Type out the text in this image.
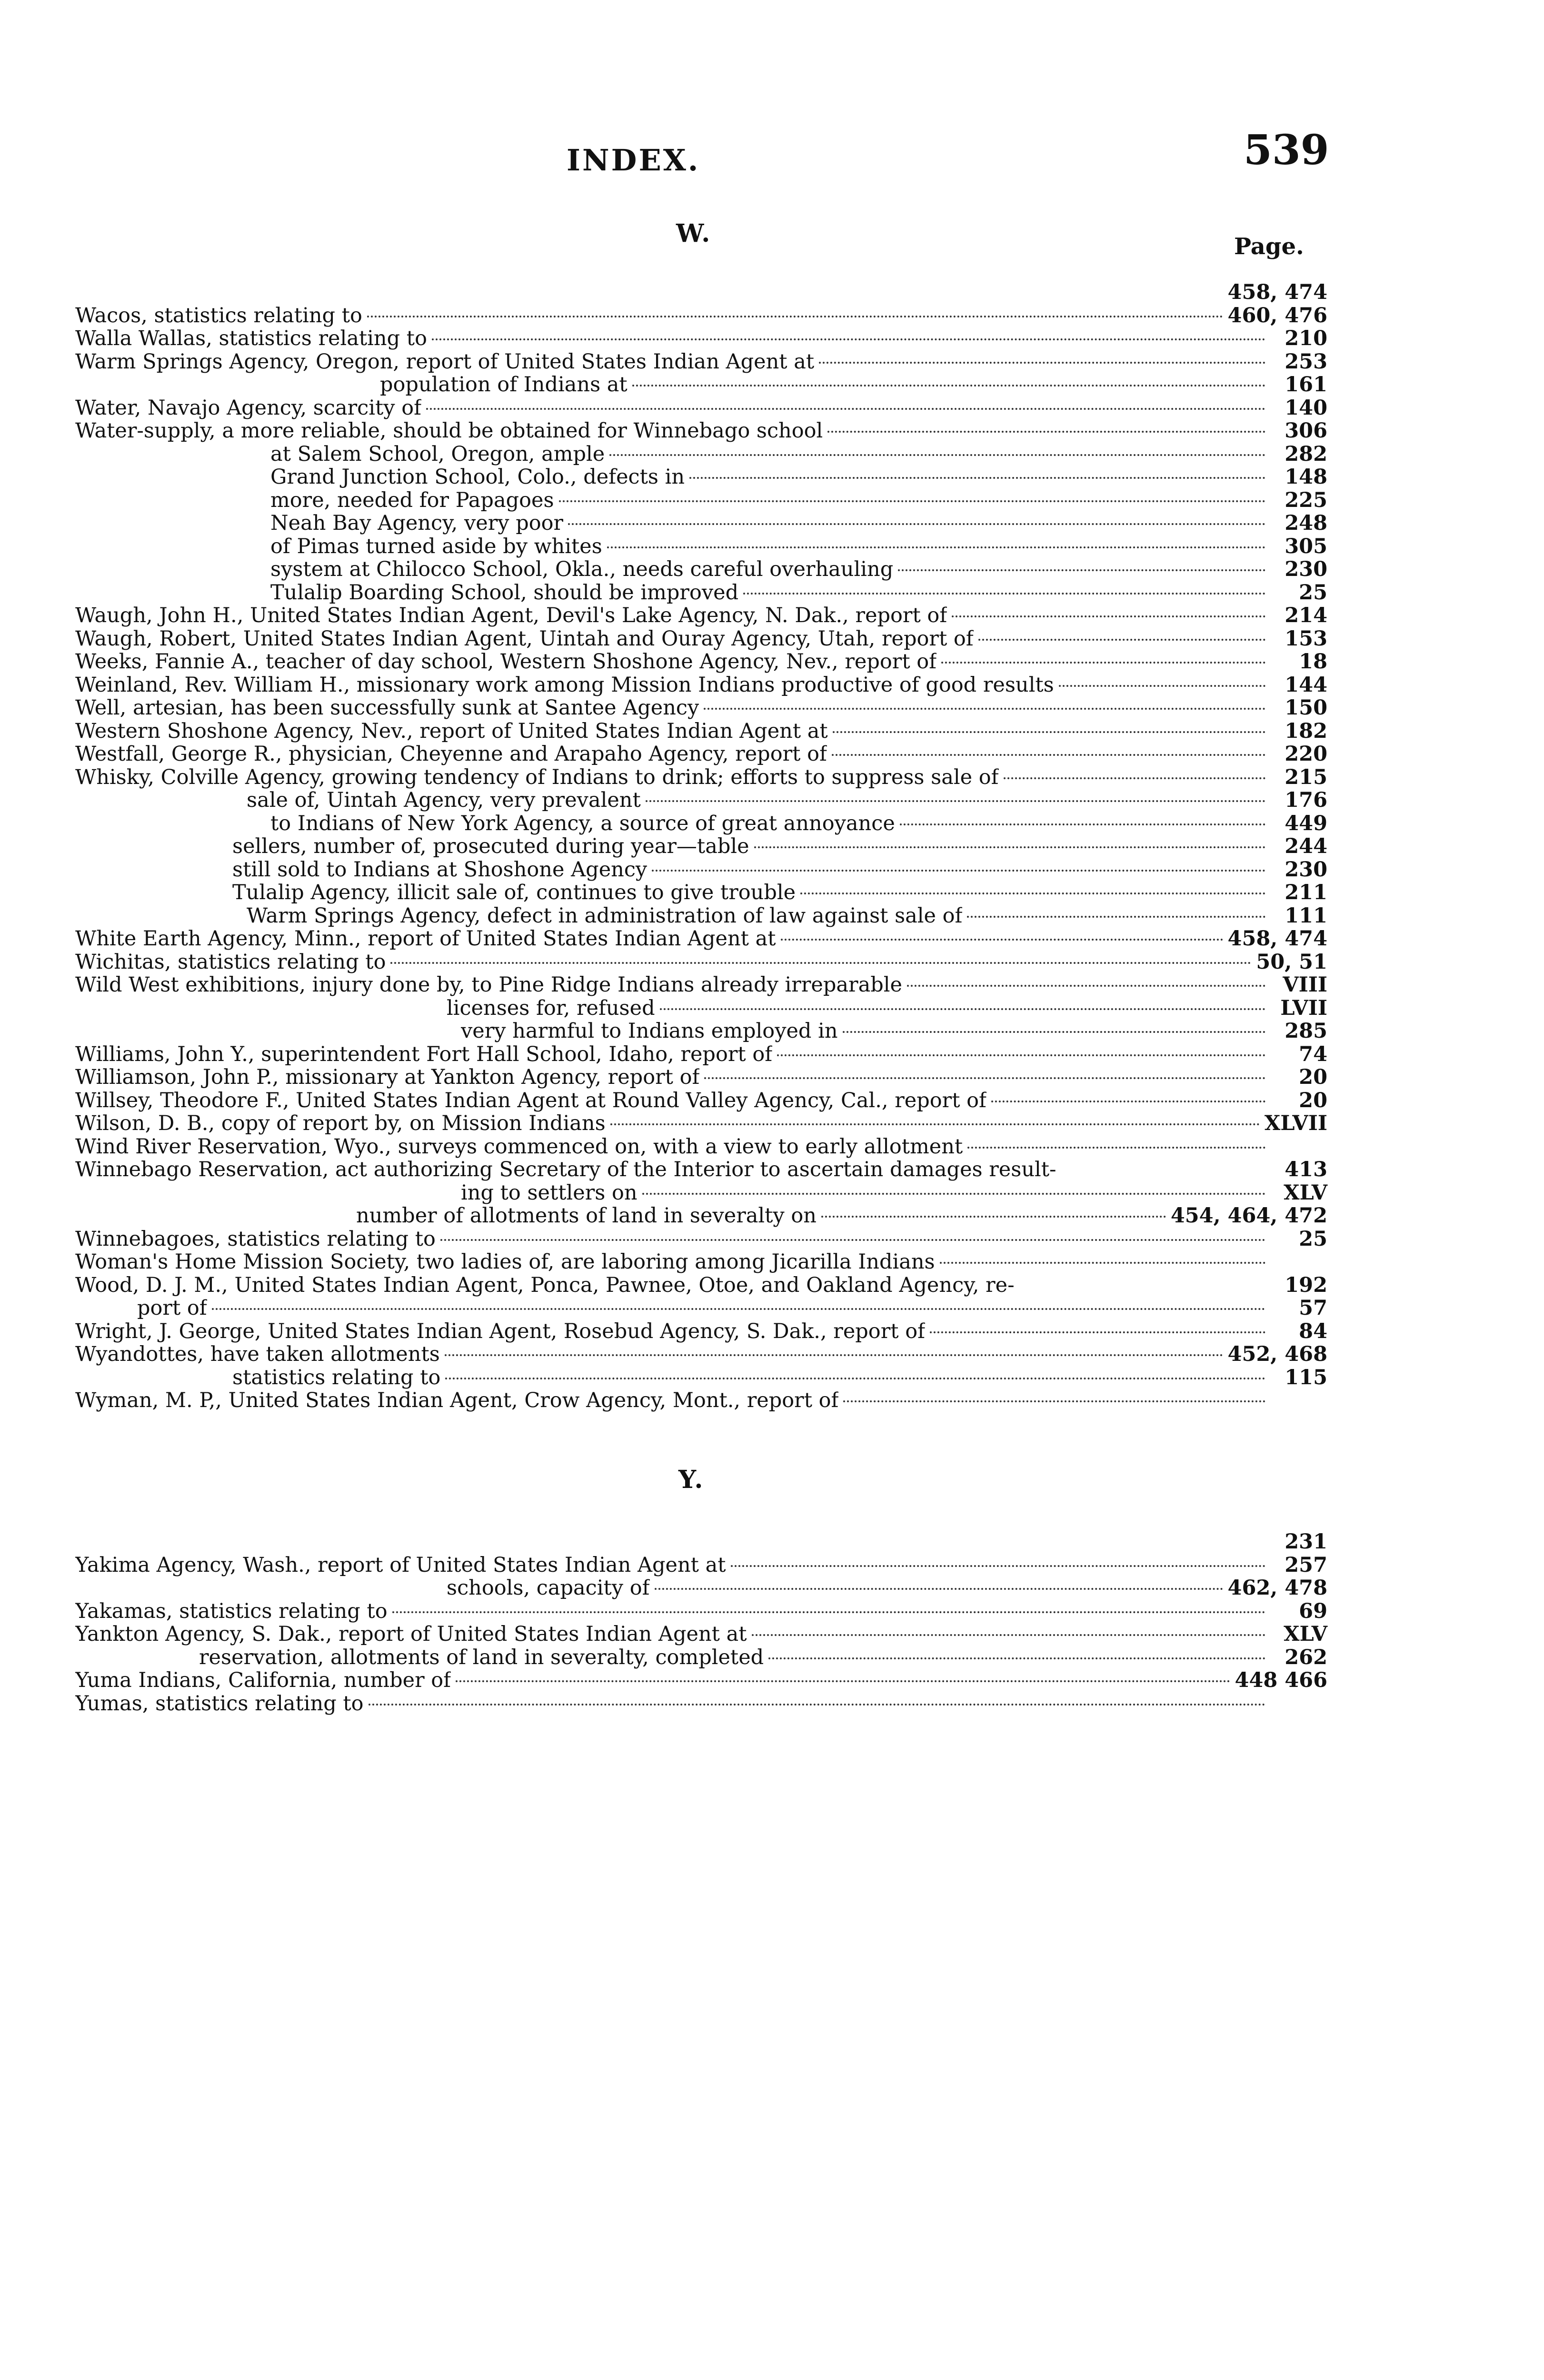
INDEX.	539
W.	Page.
458, 474
Wacos, statistics relating to	460, 476
Walla Wallas, statistics relating to	210
Warm Springs Agency, Oregon, report of United States Indian Agent at	253
population of Indians at	161
Water, Navajo Agency, scarcity of	140
Water-supply, a more reliable, should be obtained for Winnebago school	306
at Salem School, Oregon, ample	282
Grand Junction School, Colo., defects in	148
more, needed for Papagoes	225
Neah Bay Agency, very poor	248
of Pimas turned aside by whites	305
system at Chilocco School, Okla., needs careful overhauling	230
Tulalip Boarding School, should be improved	25
Waugh, John H., United States Indian Agent, Devil's Lake Agency, N. Dak., report of	214
Waugh, Robert, United States Indian Agent, Uintah and Ouray Agency, Utah, report of	153
Weeks, Fannie A., teacher of day school, Western Shoshone Agency, Nev., report of	18
Weinland, Rev. William H., missionary work among Mission Indians productive of good results	144
Well, artesian, has been successfully sunk at Santee Agency	150
Western Shoshone Agency, Nev., report of United States Indian Agent at	182
Westfall, George R., physician, Cheyenne and Arapaho Agency, report of	220
Whisky, Colville Agency, growing tendency of Indians to drink; efforts to suppress sale of	215
sale of, Uintah Agency, very prevalent	176
to Indians of New York Agency, a source of great annoyance	449
sellers, number of, prosecuted during year—table	244
still sold to Indians at Shoshone Agency	230
Tulalip Agency, illicit sale of, continues to give trouble	211
Warm Springs Agency, defect in administration of law against sale of	111
White Earth Agency, Minn., report of United States Indian Agent at	458, 474
Wichitas, statistics relating to	50, 51
Wild West exhibitions, injury done by, to Pine Ridge Indians already irreparable	VIII
licenses for, refused	LVII
very harmful to Indians employed in	285
Williams, John Y., superintendent Fort Hall School, Idaho, report of	74
Williamson, John P., missionary at Yankton Agency, report of	20
Willsey, Theodore F., United States Indian Agent at Round Valley Agency, Cal., report of	20
Wilson, D. B., copy of report by, on Mission Indians	XLVII
Wind River Reservation, Wyo., surveys commenced on, with a view to early allotment
Winnebago Reservation, act authorizing Secretary of the Interior to ascertain damages result-	413
ing to settlers on	XLV
number of allotments of land in severalty on	454, 464, 472
Winnebagoes, statistics relating to	25
Woman's Home Mission Society, two ladies of, are laboring among Jicarilla Indians
Wood, D. J. M., United States Indian Agent, Ponca, Pawnee, Otoe, and Oakland Agency, re-	192
port of	57
Wright, J. George, United States Indian Agent, Rosebud Agency, S. Dak., report of	84
Wyandottes, have taken allotments	452, 468
statistics relating to	115
Wyman, M. P,, United States Indian Agent, Crow Agency, Mont., report of
Y.
231
Yakima Agency, Wash., report of United States Indian Agent at	257
schools, capacity of	462, 478
Yakamas, statistics relating to	69
Yankton Agency, S. Dak., report of United States Indian Agent at	XLV
reservation, allotments of land in severalty, completed	262
Yuma Indians, California, number of	448 466
Yumas, statistics relating to
